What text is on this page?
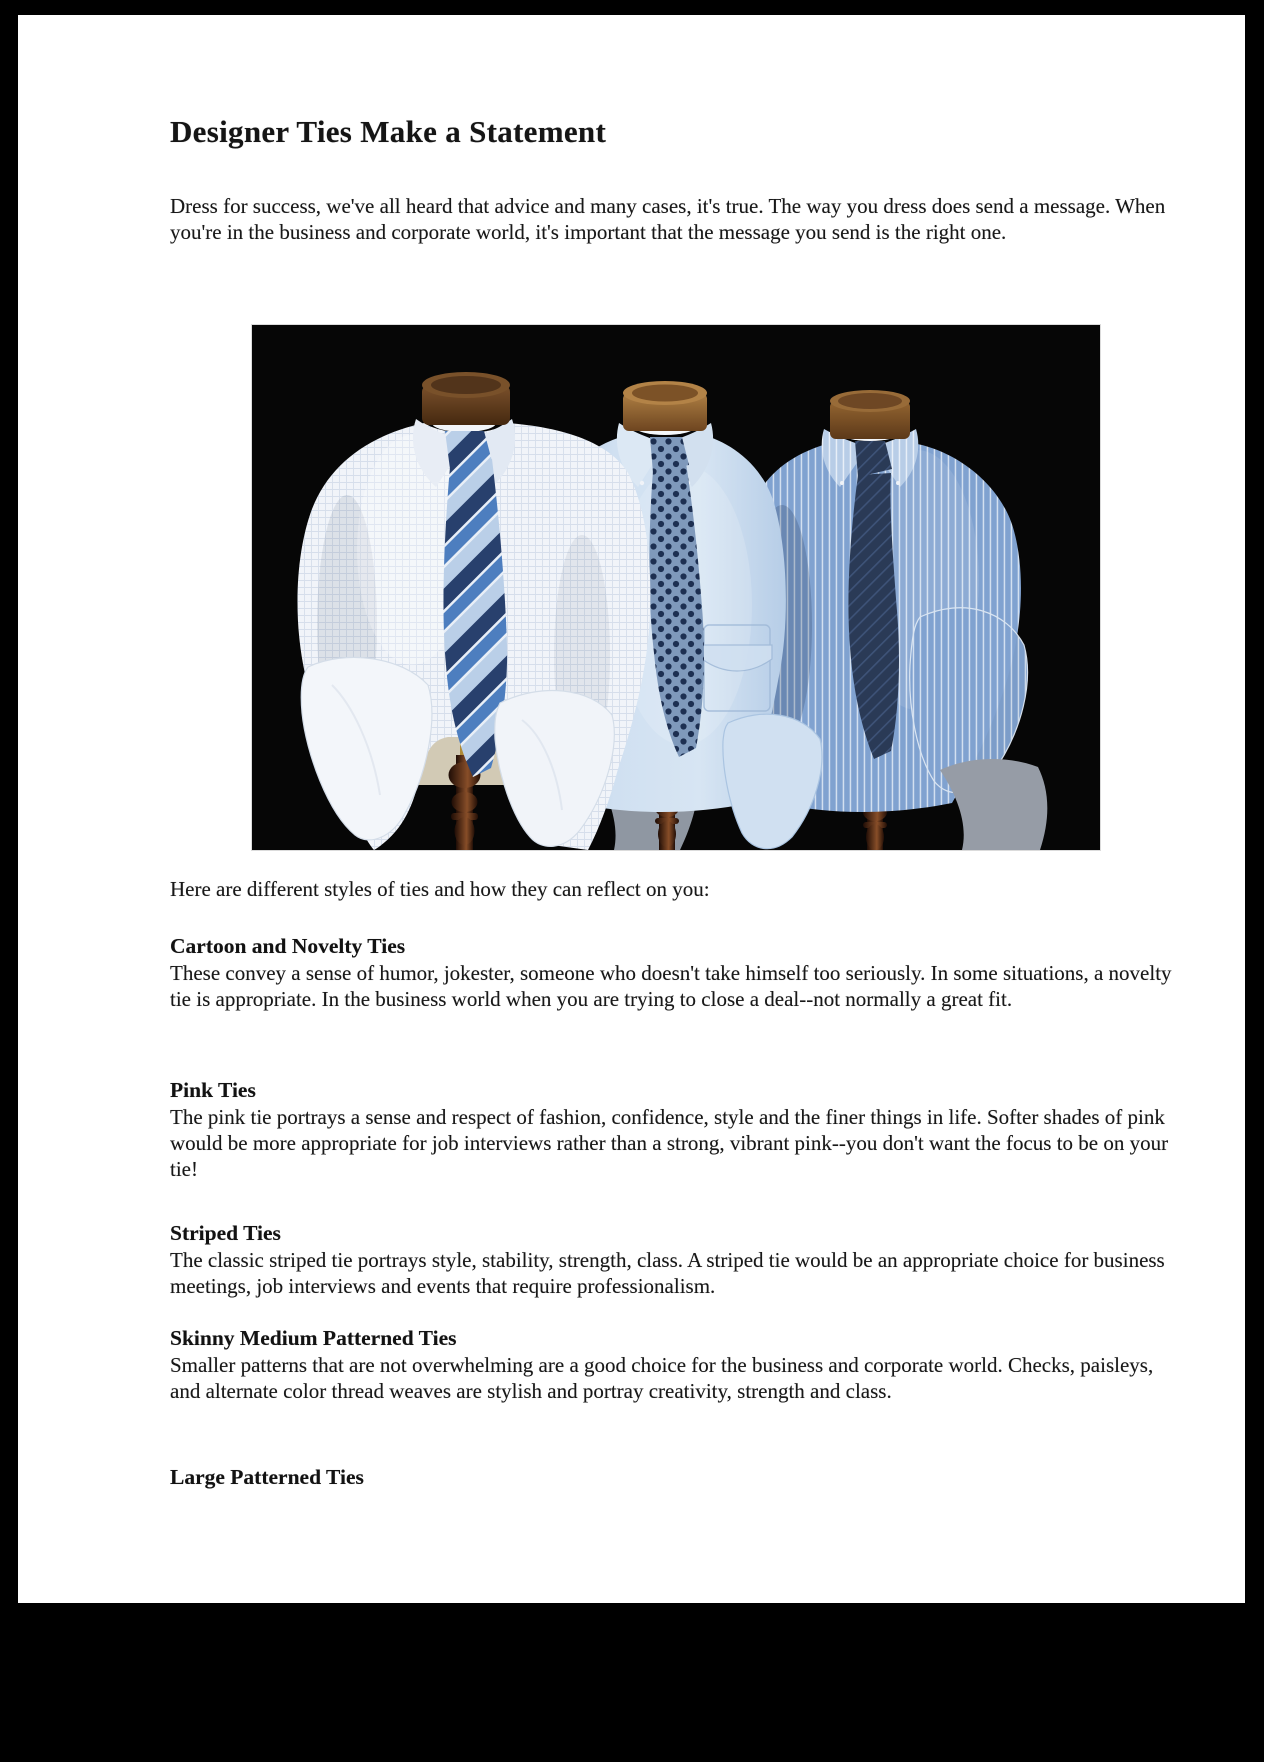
Designer Ties Make a Statement
Dress for success, we've all heard that advice and many cases, it's true. The way you dress does send a message. When you're in the business and corporate world, it's important that the message you send is the right one.
Here are different styles of ties and how they can reflect on you:
Cartoon and Novelty Ties
These convey a sense of humor, jokester, someone who doesn't take himself too seriously. In some situations, a novelty tie is appropriate. In the business world when you are trying to close a deal--not normally a great fit.
Pink Ties
The pink tie portrays a sense and respect of fashion, confidence, style and the finer things in life. Softer shades of pink would be more appropriate for job interviews rather than a strong, vibrant pink--you don't want the focus to be on your tie!
Striped Ties
The classic striped tie portrays style, stability, strength, class. A striped tie would be an appropriate choice for business meetings, job interviews and events that require professionalism.
Skinny Medium Patterned Ties
Smaller patterns that are not overwhelming are a good choice for the business and corporate world. Checks, paisleys, and alternate color thread weaves are stylish and portray creativity, strength and class.
Large Patterned Ties
